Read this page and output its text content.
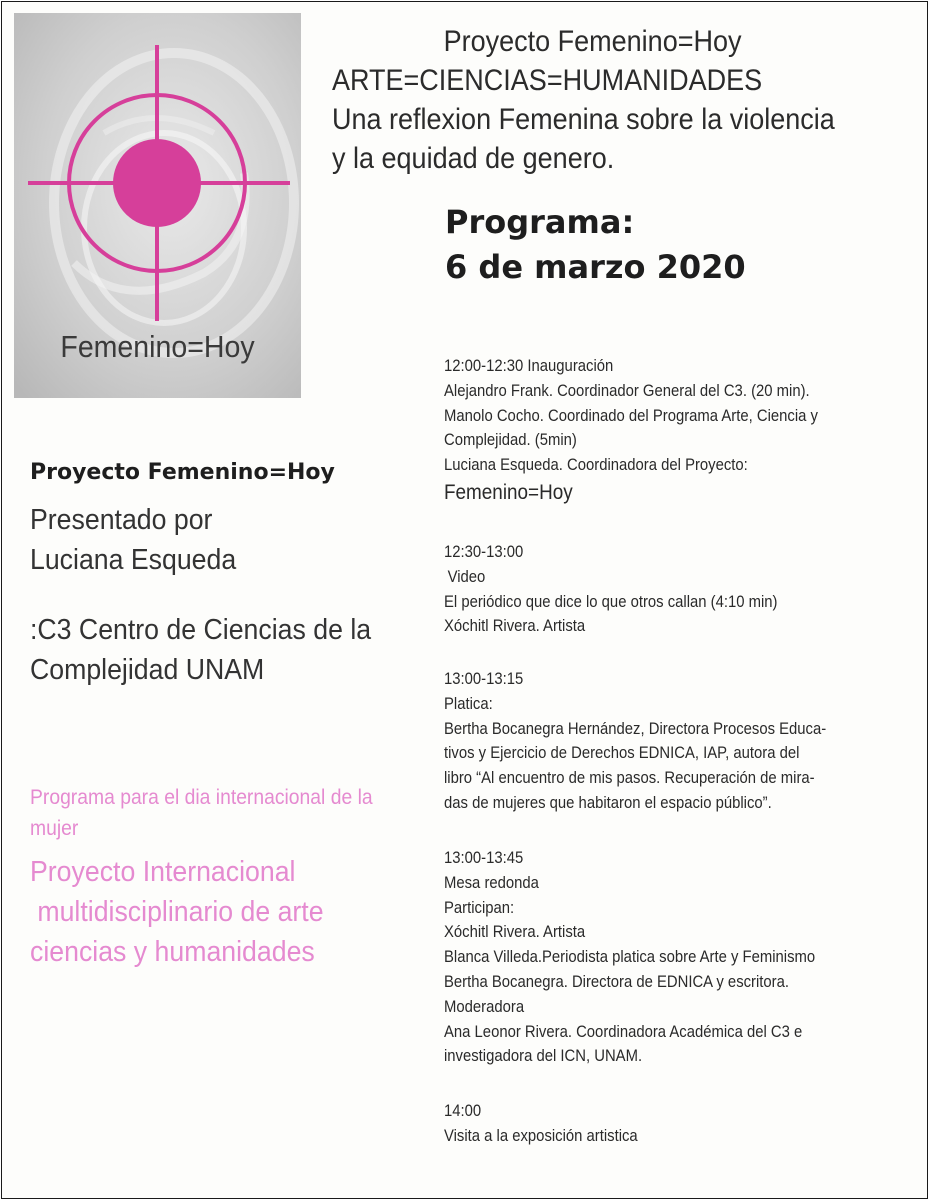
Femenino=Hoy
Proyecto Femenino=Hoy
ARTE=CIENCIAS=HUMANIDADES
Una reflexion Femenina sobre la violencia
y la equidad de genero.
Programa:
6 de marzo 2020
Proyecto Femenino=Hoy
Presentado por
Luciana Esqueda
:C3 Centro de Ciencias de la
Complejidad UNAM
Programa para el dia internacional de la
mujer
Proyecto Internacional
multidisciplinario de arte
ciencias y humanidades
12:00-12:30 Inauguración
Alejandro Frank. Coordinador General del C3. (20 min).
Manolo Cocho. Coordinado del Programa Arte, Ciencia y
Complejidad. (5min)
Luciana Esqueda. Coordinadora del Proyecto:
Femenino=Hoy
12:30-13:00
Video
El periódico que dice lo que otros callan (4:10 min)
Xóchitl Rivera. Artista
13:00-13:15
Platica:
Bertha Bocanegra Hernández, Directora Procesos Educa-
tivos y Ejercicio de Derechos EDNICA, IAP, autora del
libro “Al encuentro de mis pasos. Recuperación de mira-
das de mujeres que habitaron el espacio público”.
13:00-13:45
Mesa redonda
Participan:
Xóchitl Rivera. Artista
Blanca Villeda.Periodista platica sobre Arte y Feminismo
Bertha Bocanegra. Directora de EDNICA y escritora.
Moderadora
Ana Leonor Rivera. Coordinadora Académica del C3 e
investigadora del ICN, UNAM.
14:00
Visita a la exposición artistica
